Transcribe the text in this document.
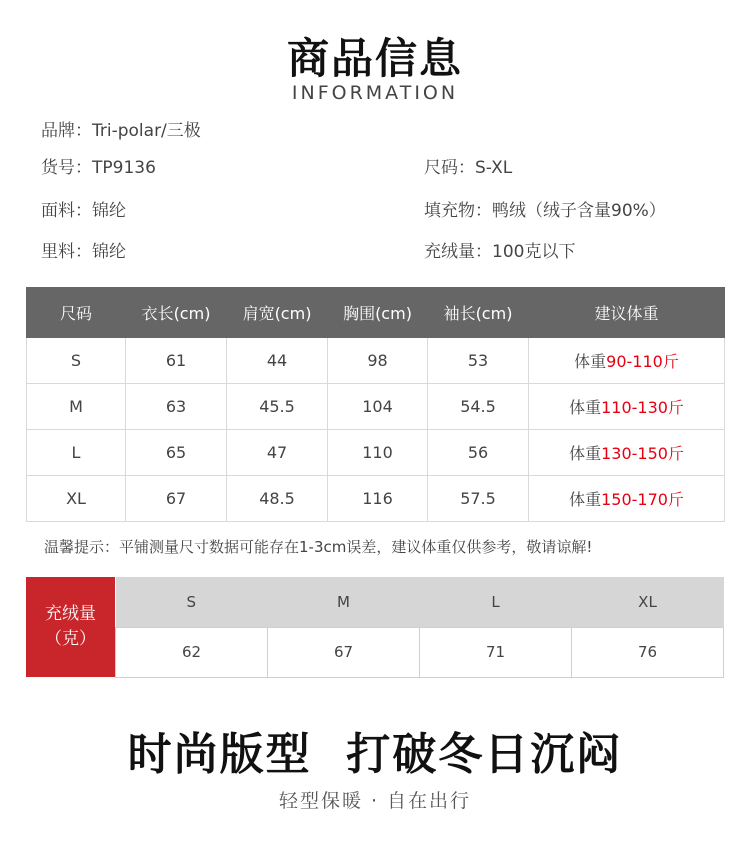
商品信息
INFORMATION
品牌：Tri-polar/三极
货号：TP9136	尺码：S-XL
面料：锦纶	填充物：鸭绒（绒子含量90%）
里料：锦纶	充绒量：100克以下
尺码	衣长(cm)	肩宽(cm)	胸围(cm)	袖长(cm)	建议体重
S	61	44	98	53	体重90-110斤
M	63	45.5	104	54.5	体重110-130斤
L	65	47	110	56	体重130-150斤
XL	67	48.5	116	57.5	体重150-170斤
温馨提示：平铺测量尺寸数据可能存在1-3cm误差，建议体重仅供参考，敬请谅解!
充绒量
（克）
S	M	L	XL
62	67	71	76
时尚版型  打破冬日沉闷
轻型保暖 · 自在出行
